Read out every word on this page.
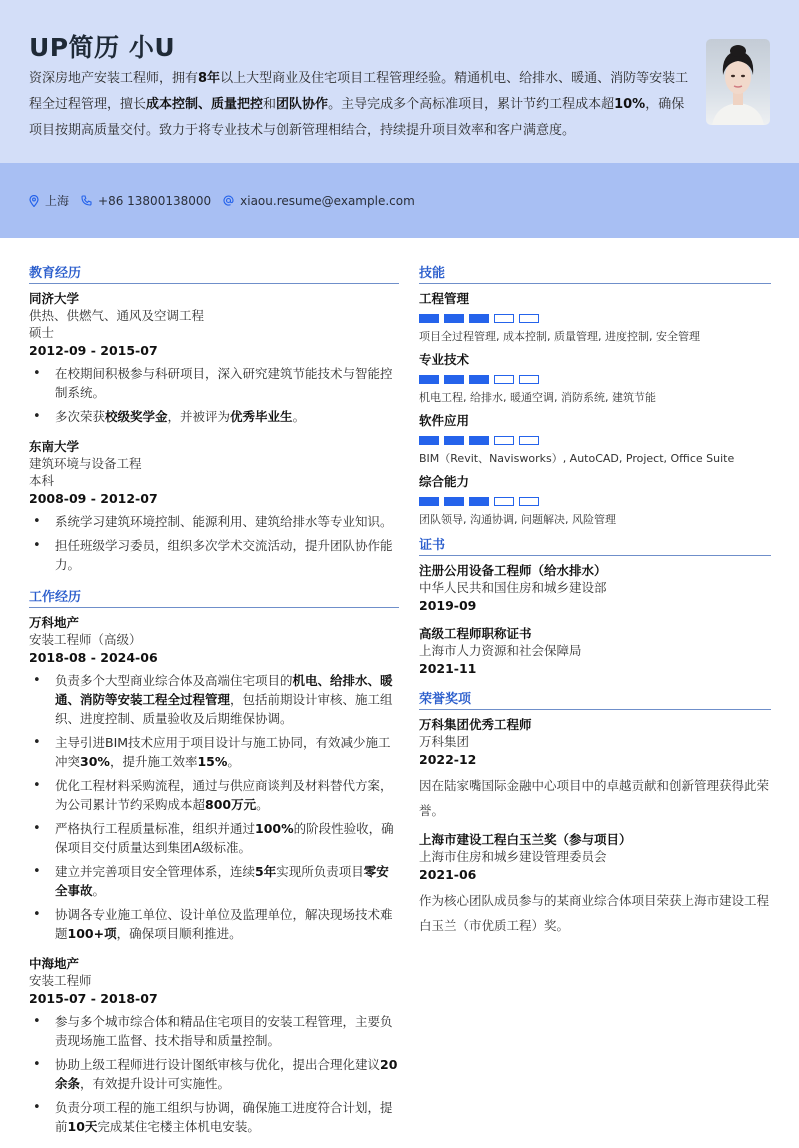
UP简历 小U
资深房地产安装工程师，拥有8年以上大型商业及住宅项目工程管理经验。精通机电、给排水、暖通、消防等安装工程全过程管理，擅长成本控制、质量把控和团队协作。主导完成多个高标准项目，累计节约工程成本超10%，确保项目按期高质量交付。致力于将专业技术与创新管理相结合，持续提升项目效率和客户满意度。
上海 +86 13800138000 xiaou.resume@example.com
教育经历
同济大学
供热、供燃气、通风及空调工程
硕士
2012-09 - 2015-07
• 在校期间积极参与科研项目，深入研究建筑节能技术与智能控制系统。
• 多次荣获校级奖学金，并被评为优秀毕业生。
东南大学
建筑环境与设备工程
本科
2008-09 - 2012-07
• 系统学习建筑环境控制、能源利用、建筑给排水等专业知识。
• 担任班级学习委员，组织多次学术交流活动，提升团队协作能力。
工作经历
万科地产
安装工程师（高级）
2018-08 - 2024-06
• 负责多个大型商业综合体及高端住宅项目的机电、给排水、暖通、消防等安装工程全过程管理，包括前期设计审核、施工组织、进度控制、质量验收及后期维保协调。
• 主导引进BIM技术应用于项目设计与施工协同，有效减少施工冲突30%，提升施工效率15%。
• 优化工程材料采购流程，通过与供应商谈判及材料替代方案，为公司累计节约采购成本超800万元。
• 严格执行工程质量标准，组织并通过100%的阶段性验收，确保项目交付质量达到集团A级标准。
• 建立并完善项目安全管理体系，连续5年实现所负责项目零安全事故。
• 协调各专业施工单位、设计单位及监理单位，解决现场技术难题100+项，确保项目顺利推进。
中海地产
安装工程师
2015-07 - 2018-07
• 参与多个城市综合体和精品住宅项目的安装工程管理，主要负责现场施工监督、技术指导和质量控制。
• 协助上级工程师进行设计图纸审核与优化，提出合理化建议20余条，有效提升设计可实施性。
• 负责分项工程的施工组织与协调，确保施工进度符合计划，提前10天完成某住宅楼主体机电安装。
技能
工程管理
项目全过程管理, 成本控制, 质量管理, 进度控制, 安全管理
专业技术
机电工程, 给排水, 暖通空调, 消防系统, 建筑节能
软件应用
BIM（Revit、Navisworks）, AutoCAD, Project, Office Suite
综合能力
团队领导, 沟通协调, 问题解决, 风险管理
证书
注册公用设备工程师（给水排水）
中华人民共和国住房和城乡建设部
2019-09
高级工程师职称证书
上海市人力资源和社会保障局
2021-11
荣誉奖项
万科集团优秀工程师
万科集团
2022-12
因在陆家嘴国际金融中心项目中的卓越贡献和创新管理获得此荣誉。
上海市建设工程白玉兰奖（参与项目）
上海市住房和城乡建设管理委员会
2021-06
作为核心团队成员参与的某商业综合体项目荣获上海市建设工程白玉兰（市优质工程）奖。
